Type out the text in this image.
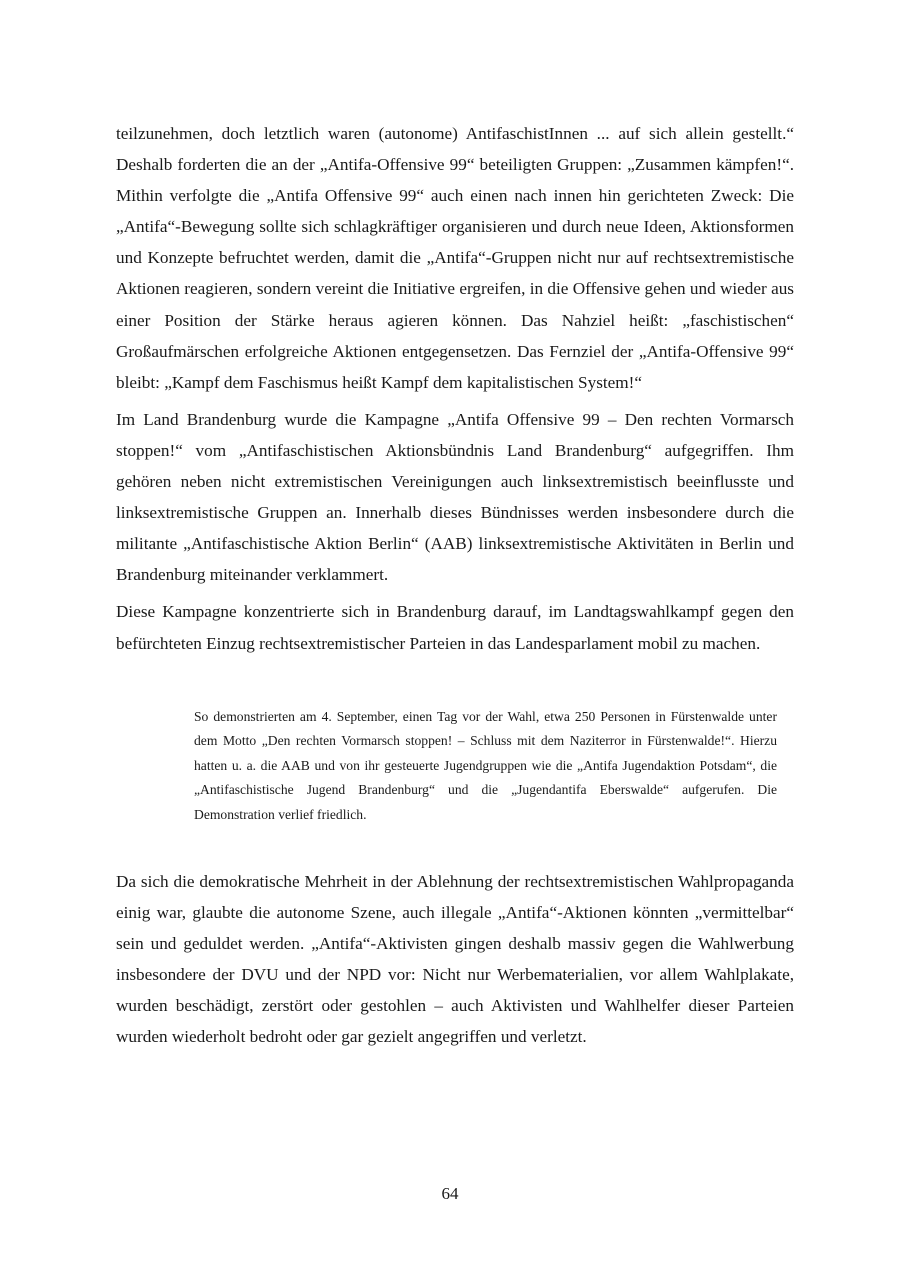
teilzunehmen, doch letztlich waren (autonome) AntifaschistInnen ... auf sich allein gestellt.“ Deshalb forderten die an der „Antifa-Offensive 99“ beteiligten Gruppen: „Zusammen kämpfen!“. Mithin verfolgte die „Antifa Offensive 99“ auch einen nach innen hin gerichteten Zweck: Die „Antifa“-Bewegung sollte sich schlagkräftiger organisieren und durch neue Ideen, Aktionsformen und Konzepte befruchtet werden, damit die „Antifa“-Gruppen nicht nur auf rechtsextremistische Aktionen reagieren, sondern vereint die Initiative ergreifen, in die Offensive gehen und wieder aus einer Position der Stärke heraus agieren können. Das Nahziel heißt: „faschistischen“ Großaufmärschen erfolgreiche Aktionen entgegensetzen. Das Fernziel der „Antifa-Offensive 99“ bleibt: „Kampf dem Faschismus heißt Kampf dem kapitalistischen System!“

Im Land Brandenburg wurde die Kampagne „Antifa Offensive 99 – Den rechten Vormarsch stoppen!“ vom „Antifaschistischen Aktionsbündnis Land Brandenburg“ aufgegriffen. Ihm gehören neben nicht extremistischen Vereinigungen auch linksextremistisch beeinflusste und linksextremistische Gruppen an. Innerhalb dieses Bündnisses werden insbesondere durch die militante „Antifaschistische Aktion Berlin“ (AAB) linksextremistische Aktivitäten in Berlin und Brandenburg miteinander verklammert.

Diese Kampagne konzentrierte sich in Brandenburg darauf, im Landtagswahlkampf gegen den befürchteten Einzug rechtsextremistischer Parteien in das Landesparlament mobil zu machen.

So demonstrierten am 4. September, einen Tag vor der Wahl, etwa 250 Personen in Fürstenwalde unter dem Motto „Den rechten Vormarsch stoppen! – Schluss mit dem Naziterror in Fürstenwalde!“. Hierzu hatten u. a. die AAB und von ihr gesteuerte Jugendgruppen wie die „Antifa Jugendaktion Potsdam“, die „Antifaschistische Jugend Brandenburg“ und die „Jugendantifa Eberswalde“ aufgerufen. Die Demonstration verlief friedlich.

Da sich die demokratische Mehrheit in der Ablehnung der rechtsextremistischen Wahlpropaganda einig war, glaubte die autonome Szene, auch illegale „Antifa“-Aktionen könnten „vermittelbar“ sein und geduldet werden. „Antifa“-Aktivisten gingen deshalb massiv gegen die Wahlwerbung insbesondere der DVU und der NPD vor: Nicht nur Werbematerialien, vor allem Wahlplakate, wurden beschädigt, zerstört oder gestohlen – auch Aktivisten und Wahlhelfer dieser Parteien wurden wiederholt bedroht oder gar gezielt angegriffen und verletzt.

64
